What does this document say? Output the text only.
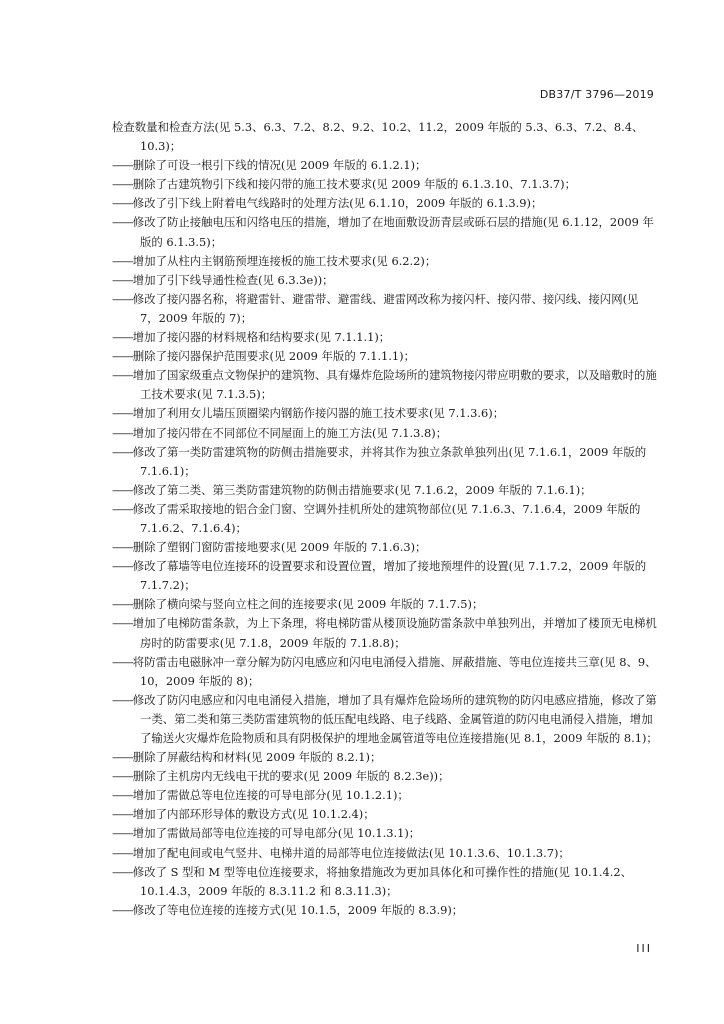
DB37/T 3796—2019

检查数量和检查方法(见 5.3、6.3、7.2、8.2、9.2、10.2、11.2，2009 年版的 5.3、6.3、7.2、8.4、10.3)；

——删除了可设一根引下线的情况(见 2009 年版的 6.1.2.1)；

——删除了古建筑物引下线和接闪带的施工技术要求(见 2009 年版的 6.1.3.10、7.1.3.7)；

——修改了引下线上附着电气线路时的处理方法(见 6.1.10，2009 年版的 6.1.3.9)；

——修改了防止接触电压和闪络电压的措施，增加了在地面敷设沥青层或砾石层的措施(见 6.1.12，2009 年版的 6.1.3.5)；

——增加了从柱内主钢筋预埋连接板的施工技术要求(见 6.2.2)；

——增加了引下线导通性检查(见 6.3.3e))；

——修改了接闪器名称，将避雷针、避雷带、避雷线、避雷网改称为接闪杆、接闪带、接闪线、接闪网(见 7，2009 年版的 7)；

——增加了接闪器的材料规格和结构要求(见 7.1.1.1)；

——删除了接闪器保护范围要求(见 2009 年版的 7.1.1.1)；

——增加了国家级重点文物保护的建筑物、具有爆炸危险场所的建筑物接闪带应明敷的要求，以及暗敷时的施工技术要求(见 7.1.3.5)；

——增加了利用女儿墙压顶圈梁内钢筋作接闪器的施工技术要求(见 7.1.3.6)；

——增加了接闪带在不同部位不同屋面上的施工方法(见 7.1.3.8)；

——修改了第一类防雷建筑物的防侧击措施要求，并将其作为独立条款单独列出(见 7.1.6.1，2009 年版的 7.1.6.1)；

——修改了第二类、第三类防雷建筑物的防侧击措施要求(见 7.1.6.2，2009 年版的 7.1.6.1)；

——修改了需采取接地的铝合金门窗、空调外挂机所处的建筑物部位(见 7.1.6.3、7.1.6.4，2009 年版的 7.1.6.2、7.1.6.4)；

——删除了塑钢门窗防雷接地要求(见 2009 年版的 7.1.6.3)；

——修改了幕墙等电位连接环的设置要求和设置位置，增加了接地预埋件的设置(见 7.1.7.2，2009 年版的 7.1.7.2)；

——删除了横向梁与竖向立柱之间的连接要求(见 2009 年版的 7.1.7.5)；

——增加了电梯防雷条款，为上下条理，将电梯防雷从楼顶设施防雷条款中单独列出，并增加了楼顶无电梯机房时的防雷要求(见 7.1.8，2009 年版的 7.1.8.8)；

——将防雷击电磁脉冲一章分解为防闪电感应和闪电电涌侵入措施、屏蔽措施、等电位连接共三章(见 8、9、10，2009 年版的 8)；

——修改了防闪电感应和闪电电涌侵入措施，增加了具有爆炸危险场所的建筑物的防闪电感应措施，修改了第一类、第二类和第三类防雷建筑物的低压配电线路、电子线路、金属管道的防闪电电涌侵入措施，增加了输送火灾爆炸危险物质和具有阴极保护的埋地金属管道等电位连接措施(见 8.1，2009 年版的 8.1)；

——删除了屏蔽结构和材料(见 2009 年版的 8.2.1)；

——删除了主机房内无线电干扰的要求(见 2009 年版的 8.2.3e))；

——增加了需做总等电位连接的可导电部分(见 10.1.2.1)；

——增加了内部环形导体的敷设方式(见 10.1.2.4)；

——增加了需做局部等电位连接的可导电部分(见 10.1.3.1)；

——增加了配电间或电气竖井、电梯井道的局部等电位连接做法(见 10.1.3.6、10.1.3.7)；

——修改了 S 型和 M 型等电位连接要求，将抽象措施改为更加具体化和可操作性的措施(见 10.1.4.2、10.1.4.3，2009 年版的 8.3.11.2 和 8.3.11.3)；

——修改了等电位连接的连接方式(见 10.1.5，2009 年版的 8.3.9)；

III
